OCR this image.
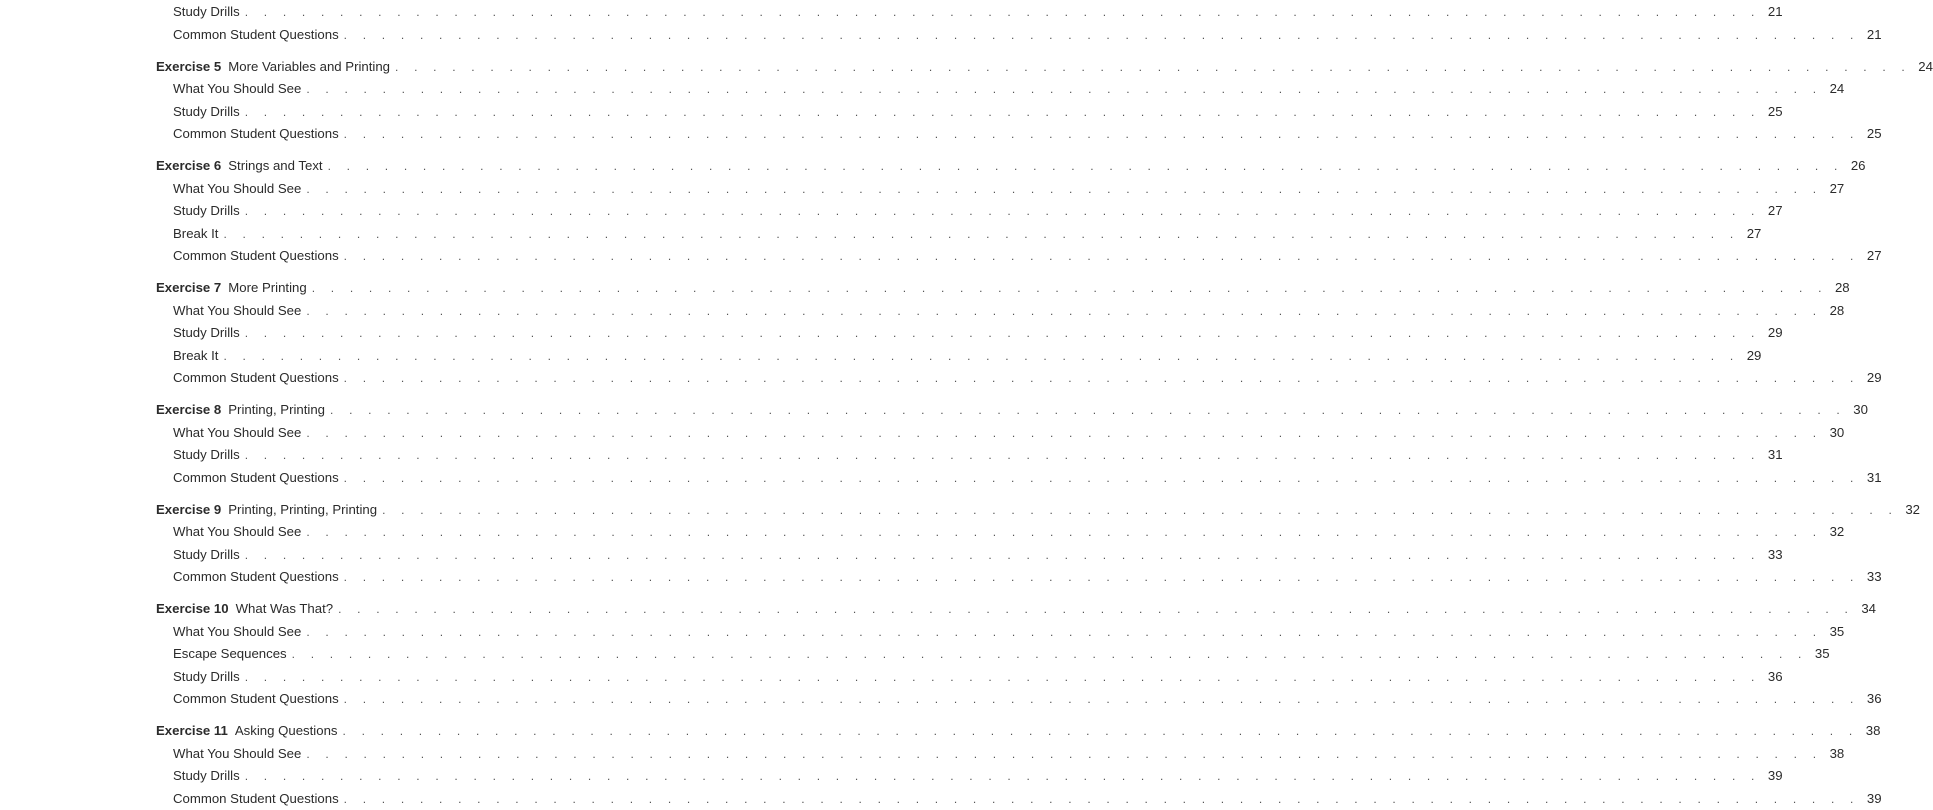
Study Drills . . . . . . . . . . . . . . . . . . . . . . . . . . . . . . . . . . . . . . . . . . . . . . . . . . . . . . . . . . . . . . . . . . . . . . . . . . . . . . . . 21
Common Student Questions . . . . . . . . . . . . . . . . . . . . . . . . . . . . . . . . . . . . . . . . . . . . . . . . . . . . . . . . . . . . . . . . . . . . . . . . . . . . . . . . 21
Exercise 5 More Variables and Printing . . . . . . . . . . . . . . . . . . . . . . . . . . . . . . . . . . . . . . . . . . . . . . . . . . . . . . . . . . . . . . . . . . . . . . . . . . . . . . . . 24
What You Should See . . . . . . . . . . . . . . . . . . . . . . . . . . . . . . . . . . . . . . . . . . . . . . . . . . . . . . . . . . . . . . . . . . . . . . . . . . . . . . . . 24
Study Drills . . . . . . . . . . . . . . . . . . . . . . . . . . . . . . . . . . . . . . . . . . . . . . . . . . . . . . . . . . . . . . . . . . . . . . . . . . . . . . . . 25
Common Student Questions . . . . . . . . . . . . . . . . . . . . . . . . . . . . . . . . . . . . . . . . . . . . . . . . . . . . . . . . . . . . . . . . . . . . . . . . . . . . . . . . 25
Exercise 6 Strings and Text . . . . . . . . . . . . . . . . . . . . . . . . . . . . . . . . . . . . . . . . . . . . . . . . . . . . . . . . . . . . . . . . . . . . . . . . . . . . . . . . 26
What You Should See . . . . . . . . . . . . . . . . . . . . . . . . . . . . . . . . . . . . . . . . . . . . . . . . . . . . . . . . . . . . . . . . . . . . . . . . . . . . . . . . 27
Study Drills . . . . . . . . . . . . . . . . . . . . . . . . . . . . . . . . . . . . . . . . . . . . . . . . . . . . . . . . . . . . . . . . . . . . . . . . . . . . . . . . 27
Break It . . . . . . . . . . . . . . . . . . . . . . . . . . . . . . . . . . . . . . . . . . . . . . . . . . . . . . . . . . . . . . . . . . . . . . . . . . . . . . . . 27
Common Student Questions . . . . . . . . . . . . . . . . . . . . . . . . . . . . . . . . . . . . . . . . . . . . . . . . . . . . . . . . . . . . . . . . . . . . . . . . . . . . . . . . 27
Exercise 7 More Printing . . . . . . . . . . . . . . . . . . . . . . . . . . . . . . . . . . . . . . . . . . . . . . . . . . . . . . . . . . . . . . . . . . . . . . . . . . . . . . . . 28
What You Should See . . . . . . . . . . . . . . . . . . . . . . . . . . . . . . . . . . . . . . . . . . . . . . . . . . . . . . . . . . . . . . . . . . . . . . . . . . . . . . . . 28
Study Drills . . . . . . . . . . . . . . . . . . . . . . . . . . . . . . . . . . . . . . . . . . . . . . . . . . . . . . . . . . . . . . . . . . . . . . . . . . . . . . . . 29
Break It . . . . . . . . . . . . . . . . . . . . . . . . . . . . . . . . . . . . . . . . . . . . . . . . . . . . . . . . . . . . . . . . . . . . . . . . . . . . . . . . 29
Common Student Questions . . . . . . . . . . . . . . . . . . . . . . . . . . . . . . . . . . . . . . . . . . . . . . . . . . . . . . . . . . . . . . . . . . . . . . . . . . . . . . . . 29
Exercise 8 Printing, Printing . . . . . . . . . . . . . . . . . . . . . . . . . . . . . . . . . . . . . . . . . . . . . . . . . . . . . . . . . . . . . . . . . . . . . . . . . . . . . . . . 30
What You Should See . . . . . . . . . . . . . . . . . . . . . . . . . . . . . . . . . . . . . . . . . . . . . . . . . . . . . . . . . . . . . . . . . . . . . . . . . . . . . . . . 30
Study Drills . . . . . . . . . . . . . . . . . . . . . . . . . . . . . . . . . . . . . . . . . . . . . . . . . . . . . . . . . . . . . . . . . . . . . . . . . . . . . . . . 31
Common Student Questions . . . . . . . . . . . . . . . . . . . . . . . . . . . . . . . . . . . . . . . . . . . . . . . . . . . . . . . . . . . . . . . . . . . . . . . . . . . . . . . . 31
Exercise 9 Printing, Printing, Printing . . . . . . . . . . . . . . . . . . . . . . . . . . . . . . . . . . . . . . . . . . . . . . . . . . . . . . . . . . . . . . . . . . . . . . . . . . . . . . . . 32
What You Should See . . . . . . . . . . . . . . . . . . . . . . . . . . . . . . . . . . . . . . . . . . . . . . . . . . . . . . . . . . . . . . . . . . . . . . . . . . . . . . . . 32
Study Drills . . . . . . . . . . . . . . . . . . . . . . . . . . . . . . . . . . . . . . . . . . . . . . . . . . . . . . . . . . . . . . . . . . . . . . . . . . . . . . . . 33
Common Student Questions . . . . . . . . . . . . . . . . . . . . . . . . . . . . . . . . . . . . . . . . . . . . . . . . . . . . . . . . . . . . . . . . . . . . . . . . . . . . . . . . 33
Exercise 10 What Was That? . . . . . . . . . . . . . . . . . . . . . . . . . . . . . . . . . . . . . . . . . . . . . . . . . . . . . . . . . . . . . . . . . . . . . . . . . . . . . . . . 34
What You Should See . . . . . . . . . . . . . . . . . . . . . . . . . . . . . . . . . . . . . . . . . . . . . . . . . . . . . . . . . . . . . . . . . . . . . . . . . . . . . . . . 35
Escape Sequences . . . . . . . . . . . . . . . . . . . . . . . . . . . . . . . . . . . . . . . . . . . . . . . . . . . . . . . . . . . . . . . . . . . . . . . . . . . . . . . . 35
Study Drills . . . . . . . . . . . . . . . . . . . . . . . . . . . . . . . . . . . . . . . . . . . . . . . . . . . . . . . . . . . . . . . . . . . . . . . . . . . . . . . . 36
Common Student Questions . . . . . . . . . . . . . . . . . . . . . . . . . . . . . . . . . . . . . . . . . . . . . . . . . . . . . . . . . . . . . . . . . . . . . . . . . . . . . . . . 36
Exercise 11 Asking Questions . . . . . . . . . . . . . . . . . . . . . . . . . . . . . . . . . . . . . . . . . . . . . . . . . . . . . . . . . . . . . . . . . . . . . . . . . . . . . . . . 38
What You Should See . . . . . . . . . . . . . . . . . . . . . . . . . . . . . . . . . . . . . . . . . . . . . . . . . . . . . . . . . . . . . . . . . . . . . . . . . . . . . . . . 38
Study Drills . . . . . . . . . . . . . . . . . . . . . . . . . . . . . . . . . . . . . . . . . . . . . . . . . . . . . . . . . . . . . . . . . . . . . . . . . . . . . . . . 39
Common Student Questions . . . . . . . . . . . . . . . . . . . . . . . . . . . . . . . . . . . . . . . . . . . . . . . . . . . . . . . . . . . . . . . . . . . . . . . . . . . . . . . . 39
